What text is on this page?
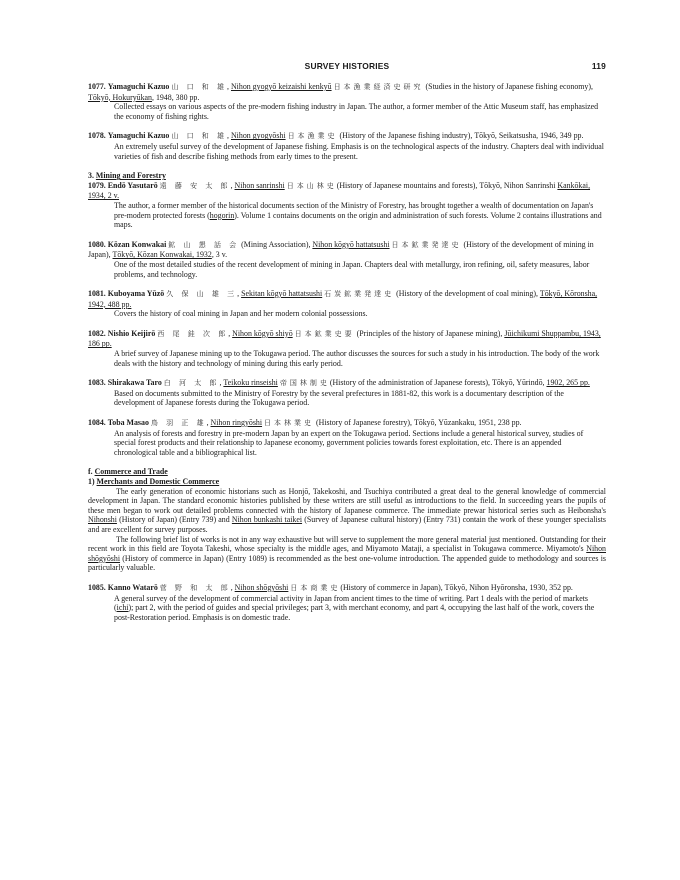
SURVEY HISTORIES	119

1077. Yamaguchi Kazuo 山 口 和 雄, Nihon gyogyō keizaishi kenkyū 日本漁業経済史研究 (Studies in the history of Japanese fishing economy), Tōkyō, Hokuryūkan, 1948, 380 pp.

Collected essays on various aspects of the pre-modern fishing industry in Japan. The author, a former member of the Attic Museum staff, has emphasized the economy of fishing rights.

1078. Yamaguchi Kazuo 山 口 和 雄, Nihon gyogyōshi 日本漁業史 (History of the Japanese fishing industry), Tōkyō, Seikatsusha, 1946, 349 pp.

An extremely useful survey of the development of Japanese fishing. Emphasis is on the technological aspects of the industry. Chapters deal with individual varieties of fish and describe fishing methods from early times to the present.

3. Mining and Forestry

1079. Endō Yasutarō 遠 藤 安 太 郎, Nihon sanrinshi 日本山林史(History of Japanese mountains and forests), Tōkyō, Nihon Sanrinshi Kankōkai, 1934, 2 v.

The author, a former member of the historical documents section of the Ministry of Forestry, has brought together a wealth of documentation on Japan's pre-modern protected forests (hogorin). Volume 1 contains documents on the origin and administration of such forests. Volume 2 contains illustrations and maps.

1080. Kōzan Konwakai 鉱 山 懇 話 会 (Mining Association), Nihon kōgyō hattatsushi 日本鉱業発達史 (History of the development of mining in Japan), Tōkyō, Kōzan Konwakai, 1932, 3 v.

One of the most detailed studies of the recent development of mining in Japan. Chapters deal with metallurgy, iron refining, oil, safety measures, labor problems, and technology.

1081. Kuboyama Yūzō 久 保 山 雄 三, Sekitan kōgyō hattatsushi 石炭鉱業発達史 (History of the development of coal mining), Tōkyō, Kōronsha, 1942, 488 pp.

Covers the history of coal mining in Japan and her modern colonial possessions.

1082. Nishio Keijirō 西 尾 銈 次 郎, Nihon kōgyō shiyō 日本鉱業史要 (Principles of the history of Japanese mining), Jūichikumi Shuppambu, 1943, 186 pp.

A brief survey of Japanese mining up to the Tokugawa period. The author discusses the sources for such a study in his introduction. The body of the work deals with the history and technology of mining during this early period.

1083. Shirakawa Taro 白 河 太 郎, Teikoku rinseishi 帝国林制史(History of the administration of Japanese forests), Tōkyō, Yūrindō, 1902, 265 pp.

Based on documents submitted to the Ministry of Forestry by the several prefectures in 1881-82, this work is a documentary description of the development of Japanese forests during the Tokugawa period.

1084. Toba Masao 鳥 羽 正 雄, Nihon ringyōshi 日本林業史 (History of Japanese forestry), Tōkyō, Yūzankaku, 1951, 238 pp.

An analysis of forests and forestry in pre-modern Japan by an expert on the Tokugawa period. Sections include a general historical survey, studies of special forest products and their relationship to Japanese economy, government policies towards forest exploitation, etc. There is an appended chronological table and a bibliographical list.

f. Commerce and Trade

1) Merchants and Domestic Commerce

The early generation of economic historians such as Honjō, Takekoshi, and Tsuchiya contributed a great deal to the general knowledge of commercial development in Japan. The standard economic histories published by these writers are still useful as introductions to the field. In succeeding years the pupils of these men began to work out detailed problems connected with the history of Japanese commerce. The immediate prewar historical series such as Heibonsha's Nihonshi (History of Japan) (Entry 739) and Nihon bunkashi taikei (Survey of Japanese cultural history) (Entry 731) contain the work of these younger specialists and are excellent for survey purposes.

The following brief list of works is not in any way exhaustive but will serve to supplement the more general material just mentioned. Outstanding for their recent work in this field are Toyota Takeshi, whose specialty is the middle ages, and Miyamoto Mataji, a specialist in Tokugawa commerce. Miyamoto's Nihon shōgyōshi (History of commerce in Japan) (Entry 1089) is recommended as the best one-volume introduction. The appended guide to methodology and sources is particularly valuable.

1085. Kanno Watarō 菅 野 和 太 郎, Nihon shōgyōshi 日本商業史(History of commerce in Japan), Tōkyō, Nihon Hyōronsha, 1930, 352 pp.

A general survey of the development of commercial activity in Japan from ancient times to the time of writing. Part 1 deals with the period of markets (ichi); part 2, with the period of guides and special privileges; part 3, with merchant economy, and part 4, occupying the last half of the work, covers the post-Restoration period. Emphasis is on domestic trade.
